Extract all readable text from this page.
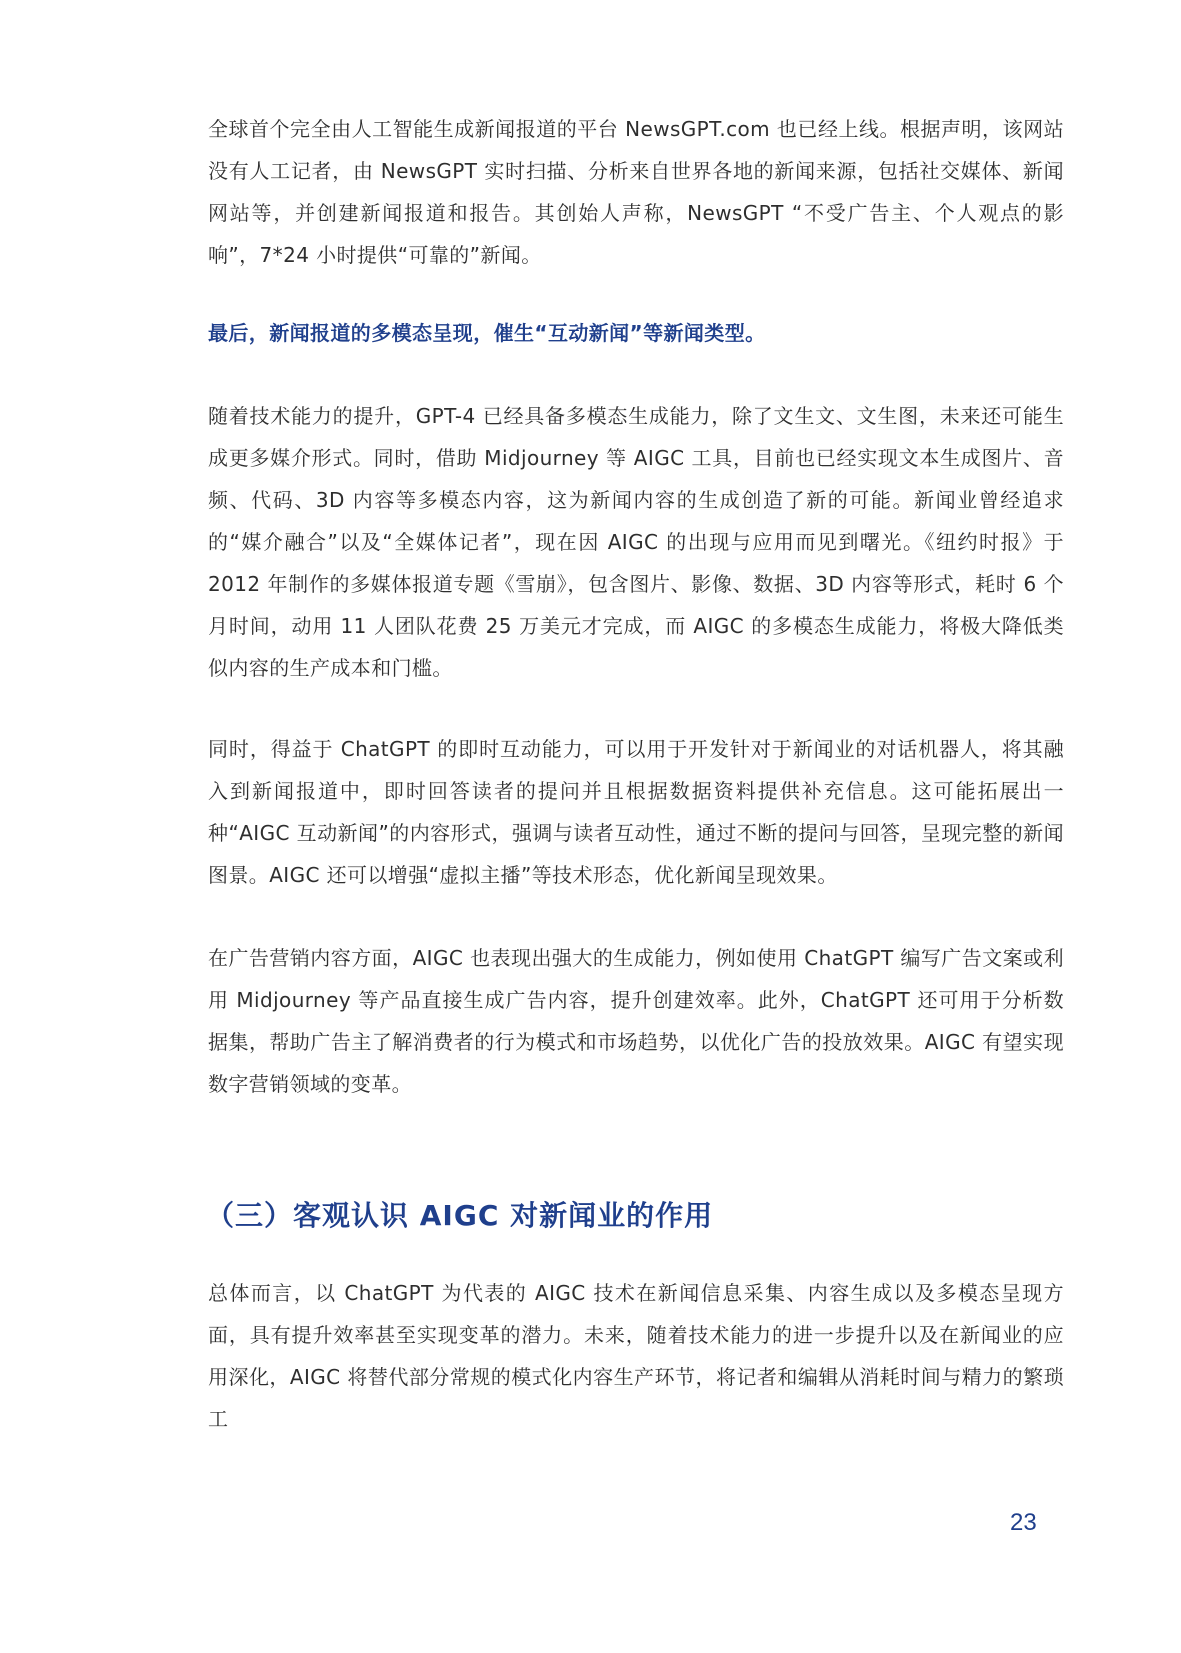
全球首个完全由人工智能生成新闻报道的平台 NewsGPT.com 也已经上线。根据声明，该网站没有人工记者，由 NewsGPT 实时扫描、分析来自世界各地的新闻来源，包括社交媒体、新闻网站等，并创建新闻报道和报告。其创始人声称，NewsGPT “不受广告主、个人观点的影响”，7*24 小时提供“可靠的”新闻。

最后，新闻报道的多模态呈现，催生“互动新闻”等新闻类型。

随着技术能力的提升，GPT-4 已经具备多模态生成能力，除了文生文、文生图，未来还可能生成更多媒介形式。同时，借助 Midjourney 等 AIGC 工具，目前也已经实现文本生成图片、音频、代码、3D 内容等多模态内容，这为新闻内容的生成创造了新的可能。新闻业曾经追求的“媒介融合”以及“全媒体记者”，现在因 AIGC 的出现与应用而见到曙光。《纽约时报》于 2012 年制作的多媒体报道专题《雪崩》，包含图片、影像、数据、3D 内容等形式，耗时 6 个月时间，动用 11 人团队花费 25 万美元才完成，而 AIGC 的多模态生成能力，将极大降低类似内容的生产成本和门槛。

同时，得益于 ChatGPT 的即时互动能力，可以用于开发针对于新闻业的对话机器人，将其融入到新闻报道中，即时回答读者的提问并且根据数据资料提供补充信息。这可能拓展出一种“AIGC 互动新闻”的内容形式，强调与读者互动性，通过不断的提问与回答，呈现完整的新闻图景。AIGC 还可以增强“虚拟主播”等技术形态，优化新闻呈现效果。

在广告营销内容方面，AIGC 也表现出强大的生成能力，例如使用 ChatGPT 编写广告文案或利用 Midjourney 等产品直接生成广告内容，提升创建效率。此外，ChatGPT 还可用于分析数据集，帮助广告主了解消费者的行为模式和市场趋势，以优化广告的投放效果。AIGC 有望实现数字营销领域的变革。

（三）客观认识 AIGC 对新闻业的作用

总体而言，以 ChatGPT 为代表的 AIGC 技术在新闻信息采集、内容生成以及多模态呈现方面，具有提升效率甚至实现变革的潜力。未来，随着技术能力的进一步提升以及在新闻业的应用深化，AIGC 将替代部分常规的模式化内容生产环节，将记者和编辑从消耗时间与精力的繁琐工

23
